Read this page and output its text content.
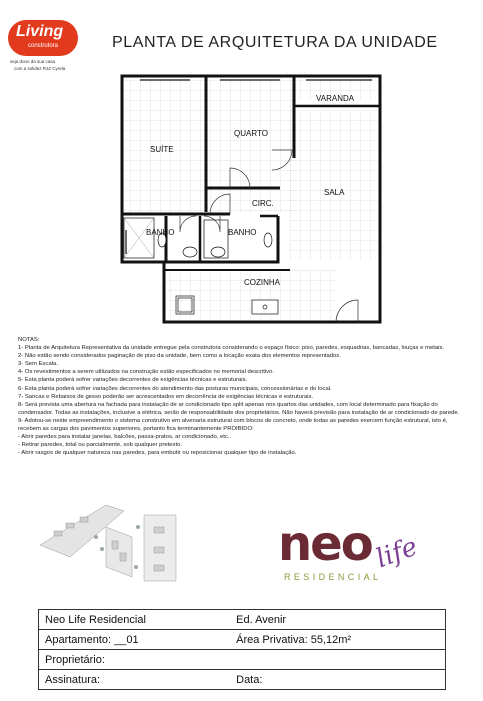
Living
construtora
seja dono da sua casa
com a solidez RJZ Cyrela
PLANTA DE ARQUITETURA DA UNIDADE
VARANDA
QUARTO
SUÍTE
SALA
CIRC.
BANHO	BANHO
COZINHA
NOTAS:
1- Planta de Arquitetura Representativa da unidade entregue pela construtora considerando o espaço físico: piso, paredes, esquadrias, bancadas, louças e metais.
2- Não estão sendo considerados paginação de piso da unidade, bem como a locação exata dos elementos representados.
3- Sem Escala.
4- Os revestimentos a serem utilizados na construção estão especificados no memorial descritivo.
5- Esta planta poderá sofrer variações decorrentes de exigências técnicas e estruturais.
6- Esta planta poderá sofrer variações decorrentes do atendimento das posturas municipais, concessionárias e do local.
7- Sancas e Rebaixos de gesso poderão ser acrescentados em decorrência de exigências técnicas e estruturais.
8- Será prevista uma abertura na fachada para instalação de ar condicionado tipo split apenas nos quartos das unidades, com local determinado para fixação do condensador. Todas as instalações, inclusive a elétrica, serão de responsabilidade dos proprietários. Não haverá previsão para instalação de ar condicionado de parede.
9- Adotou-se neste empreendimento o sistema construtivo em alvenaria estrutural com blocos de concreto, onde todas as paredes exercem função estrutural, isto é, recebem as cargas dos pavimentos superiores, portanto fica terminantemente PROIBIDO:
- Abrir paredes para instalar janelas, balcões, passa-pratos, ar condicionado, etc..
- Retirar paredes, total ou parcialmente, sob qualquer pretexto.
- Abrir rasgos de qualquer natureza nas paredes, para embutir ou reposicionar qualquer tipo de instalação.
neo life
RESIDENCIAL
Neo Life Residencial	Ed. Avenir
Apartamento: __01	Área Privativa: 55,12m²
Proprietário:	
Assinatura:	Data:
